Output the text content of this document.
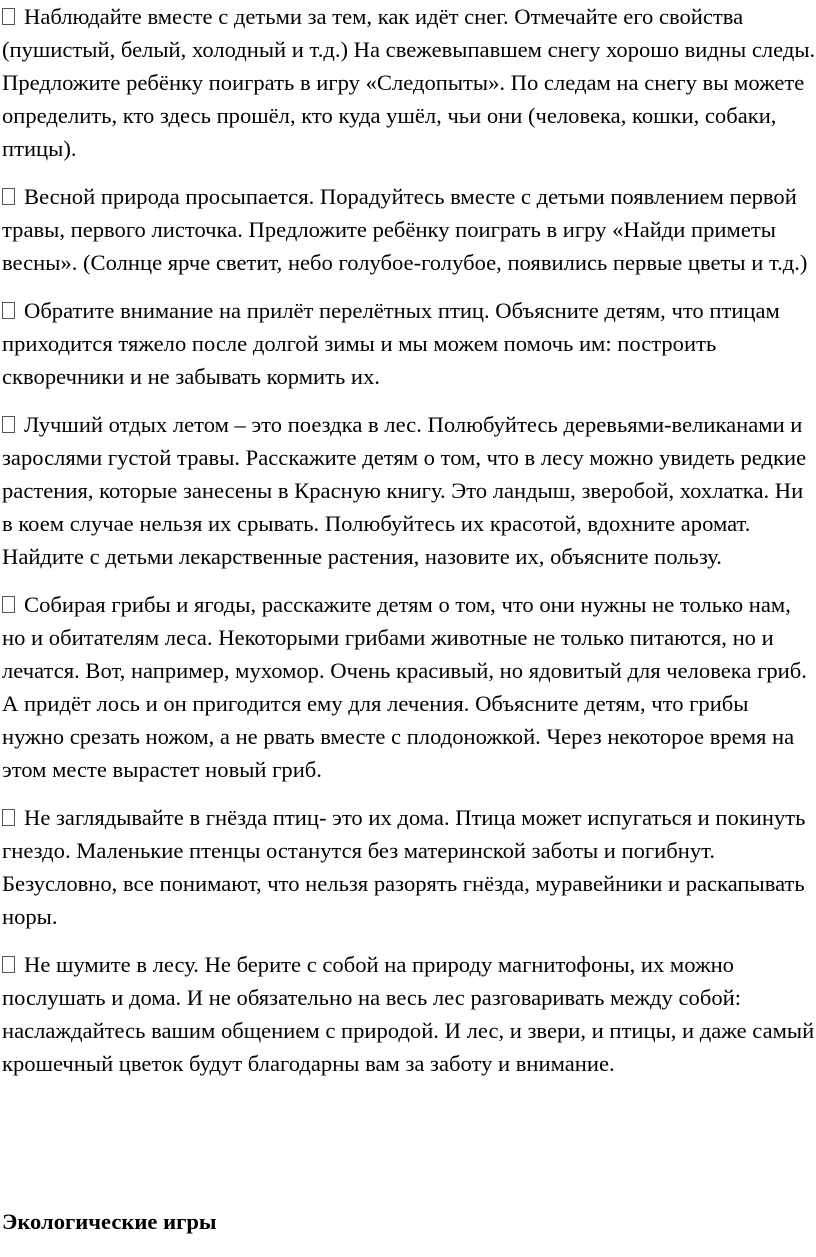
Наблюдайте вместе с детьми за тем, как идёт снег. Отмечайте его свойства (пушистый, белый, холодный и т.д.) На свежевыпавшем снегу хорошо видны следы. Предложите ребёнку поиграть в игру «Следопыты». По следам на снегу вы можете определить, кто здесь прошёл, кто куда ушёл, чьи они (человека, кошки, собаки, птицы).
Весной природа просыпается. Порадуйтесь вместе с детьми появлением первой травы, первого листочка. Предложите ребёнку поиграть в игру «Найди приметы весны». (Солнце ярче светит, небо голубое-голубое, появились первые цветы и т.д.)
Обратите внимание на прилёт перелётных птиц. Объясните детям, что птицам приходится тяжело после долгой зимы и мы можем помочь им: построить скворечники и не забывать кормить их.
Лучший отдых летом – это поездка в лес. Полюбуйтесь деревьями-великанами и зарослями густой травы. Расскажите детям о том, что в лесу можно увидеть редкие растения, которые занесены в Красную книгу. Это ландыш, зверобой, хохлатка. Ни в коем случае нельзя их срывать. Полюбуйтесь их красотой, вдохните аромат. Найдите с детьми лекарственные растения, назовите их, объясните пользу.
Собирая грибы и ягоды, расскажите детям о том, что они нужны не только нам, но и обитателям леса. Некоторыми грибами животные не только питаются, но и лечатся. Вот, например, мухомор. Очень красивый, но ядовитый для человека гриб. А придёт лось и он пригодится ему для лечения. Объясните детям, что грибы нужно срезать ножом, а не рвать вместе с плодоножкой. Через некоторое время на этом месте вырастет новый гриб.
Не заглядывайте в гнёзда птиц- это их дома. Птица может испугаться и покинуть гнездо. Маленькие птенцы останутся без материнской заботы и погибнут. Безусловно, все понимают, что нельзя разорять гнёзда, муравейники и раскапывать норы.
Не шумите в лесу. Не берите с собой на природу магнитофоны, их можно послушать и дома. И не обязательно на весь лес разговаривать между собой: наслаждайтесь вашим общением с природой. И лес, и звери, и птицы, и даже самый крошечный цветок будут благодарны вам за заботу и внимание.
Экологические игры
